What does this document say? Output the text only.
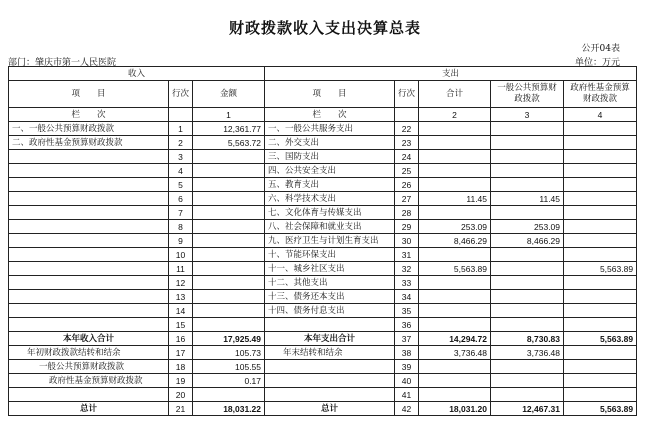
财政拨款收入支出决算总表
公开04表
部门：肇庆市第一人民医院	单位：万元
收入			支出				
项　　目	行次	金额	项　　目	行次	合计	一般公共预算财政拨款	政府性基金预算财政拨款
栏　　次		1	栏　　次		2	3	4
一、一般公共预算财政拨款	1	12,361.77	一、一般公共服务支出	22			
二、政府性基金预算财政拨款	2	5,563.72	二、外交支出	23			
	3		三、国防支出	24			
	4		四、公共安全支出	25			
	5		五、教育支出	26			
	6		六、科学技术支出	27	11.45	11.45	
	7		七、文化体育与传媒支出	28			
	8		八、社会保障和就业支出	29	253.09	253.09	
	9		九、医疗卫生与计划生育支出	30	8,466.29	8,466.29	
	10		十、节能环保支出	31			
	11		十一、城乡社区支出	32	5,563.89		5,563.89
	12		十二、其他支出	33			
	13		十三、债务还本支出	34			
	14		十四、债务付息支出	35			
	15			36			
本年收入合计	16	17,925.49	本年支出合计	37	14,294.72	8,730.83	5,563.89
年初财政拨款结转和结余	17	105.73	年末结转和结余	38	3,736.48	3,736.48	
一般公共预算财政拨款	18	105.55		39			
政府性基金预算财政拨款	19	0.17		40			
	20			41			
总计	21	18,031.22	总计	42	18,031.20	12,467.31	5,563.89
